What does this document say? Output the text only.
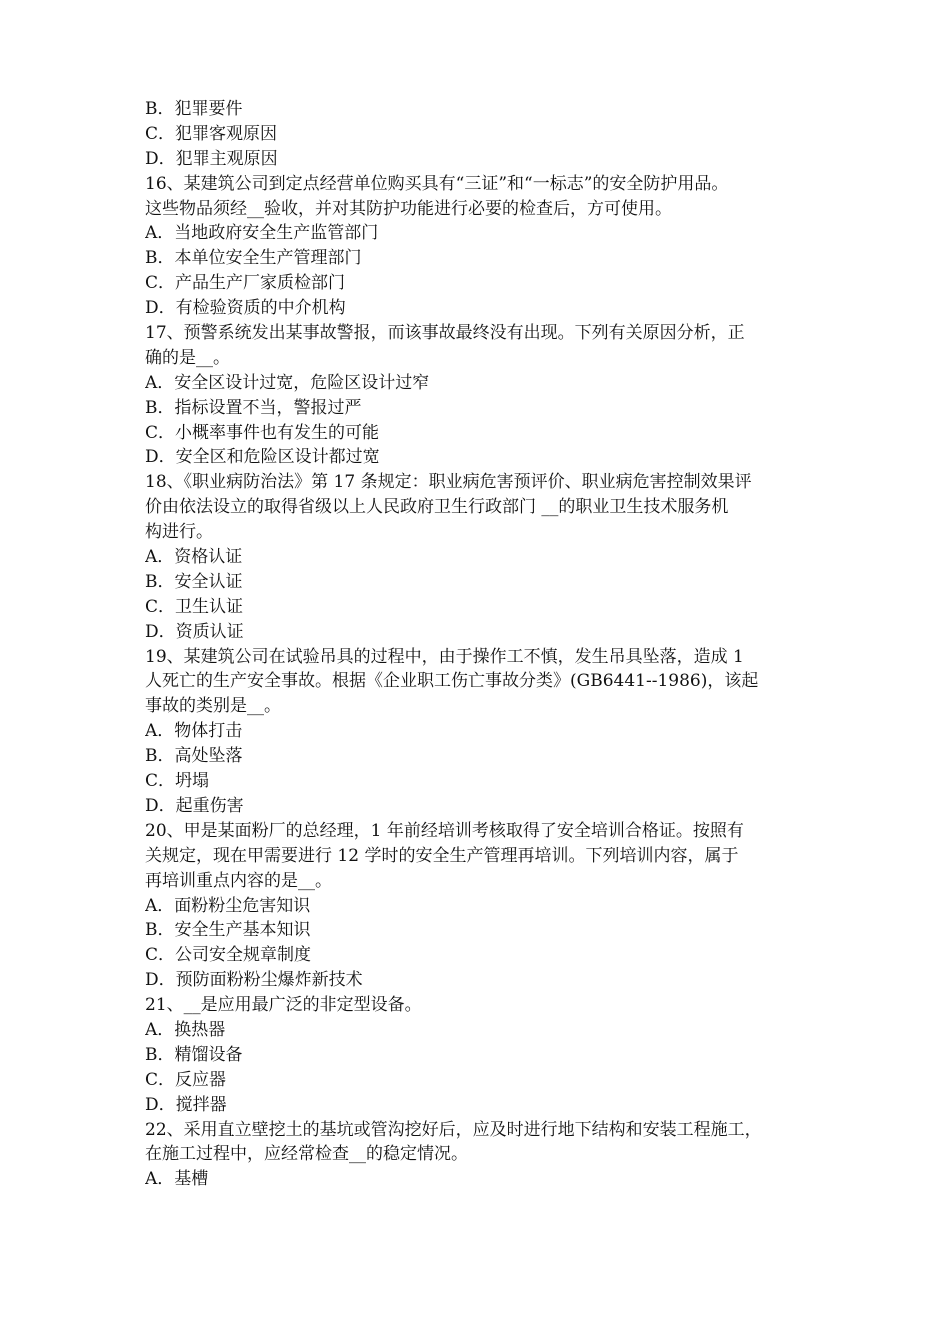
B．犯罪要件
C．犯罪客观原因
D．犯罪主观原因
16、某建筑公司到定点经营单位购买具有“三证”和“一标志”的安全防护用品。
这些物品须经__验收，并对其防护功能进行必要的检查后，方可使用。
A．当地政府安全生产监管部门
B．本单位安全生产管理部门
C．产品生产厂家质检部门
D．有检验资质的中介机构
17、预警系统发出某事故警报，而该事故最终没有出现。下列有关原因分析，正
确的是__。
A．安全区设计过宽，危险区设计过窄
B．指标设置不当，警报过严
C．小概率事件也有发生的可能
D．安全区和危险区设计都过宽
18、《职业病防治法》第 17 条规定：职业病危害预评价、职业病危害控制效果评
价由依法设立的取得省级以上人民政府卫生行政部门 __的职业卫生技术服务机
构进行。
A．资格认证
B．安全认证
C．卫生认证
D．资质认证
19、某建筑公司在试验吊具的过程中，由于操作工不慎，发生吊具坠落，造成 1
人死亡的生产安全事故。根据《企业职工伤亡事故分类》(GB6441--1986)，该起
事故的类别是__。
A．物体打击
B．高处坠落
C．坍塌
D．起重伤害
20、甲是某面粉厂的总经理，1 年前经培训考核取得了安全培训合格证。按照有
关规定，现在甲需要进行 12 学时的安全生产管理再培训。下列培训内容，属于
再培训重点内容的是__。
A．面粉粉尘危害知识
B．安全生产基本知识
C．公司安全规章制度
D．预防面粉粉尘爆炸新技术
21、__是应用最广泛的非定型设备。
A．换热器
B．精馏设备
C．反应器
D．搅拌器
22、采用直立壁挖土的基坑或管沟挖好后，应及时进行地下结构和安装工程施工，
在施工过程中，应经常检查__的稳定情况。
A．基槽
